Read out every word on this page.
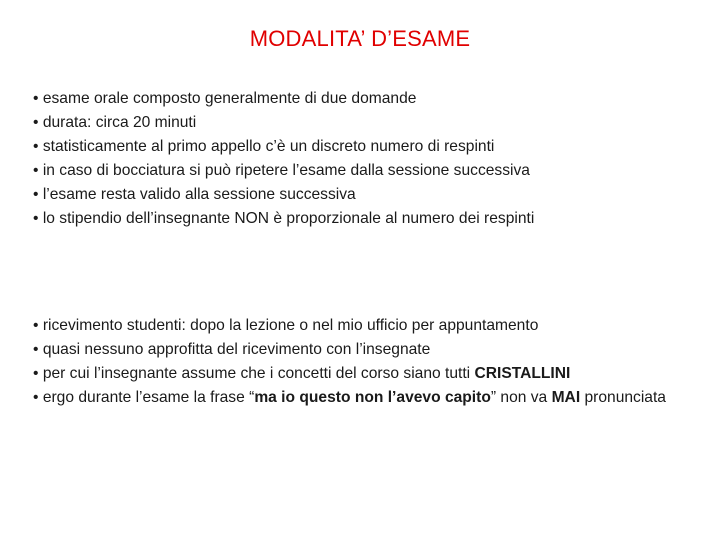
MODALITA’ D’ESAME
• esame orale composto generalmente di due domande
• durata: circa 20 minuti
• statisticamente al primo appello c’è un discreto numero di respinti
• in caso di bocciatura si può ripetere l’esame dalla sessione successiva
• l’esame resta valido alla sessione successiva
• lo stipendio dell’insegnante NON è proporzionale al numero dei respinti
• ricevimento studenti: dopo la lezione o nel mio ufficio per appuntamento
• quasi nessuno approfitta del ricevimento con l’insegnate
• per cui l’insegnante assume che i concetti del corso siano tutti CRISTALLINI
• ergo durante l’esame la frase “ma io questo non l’avevo capito” non va MAI pronunciata
